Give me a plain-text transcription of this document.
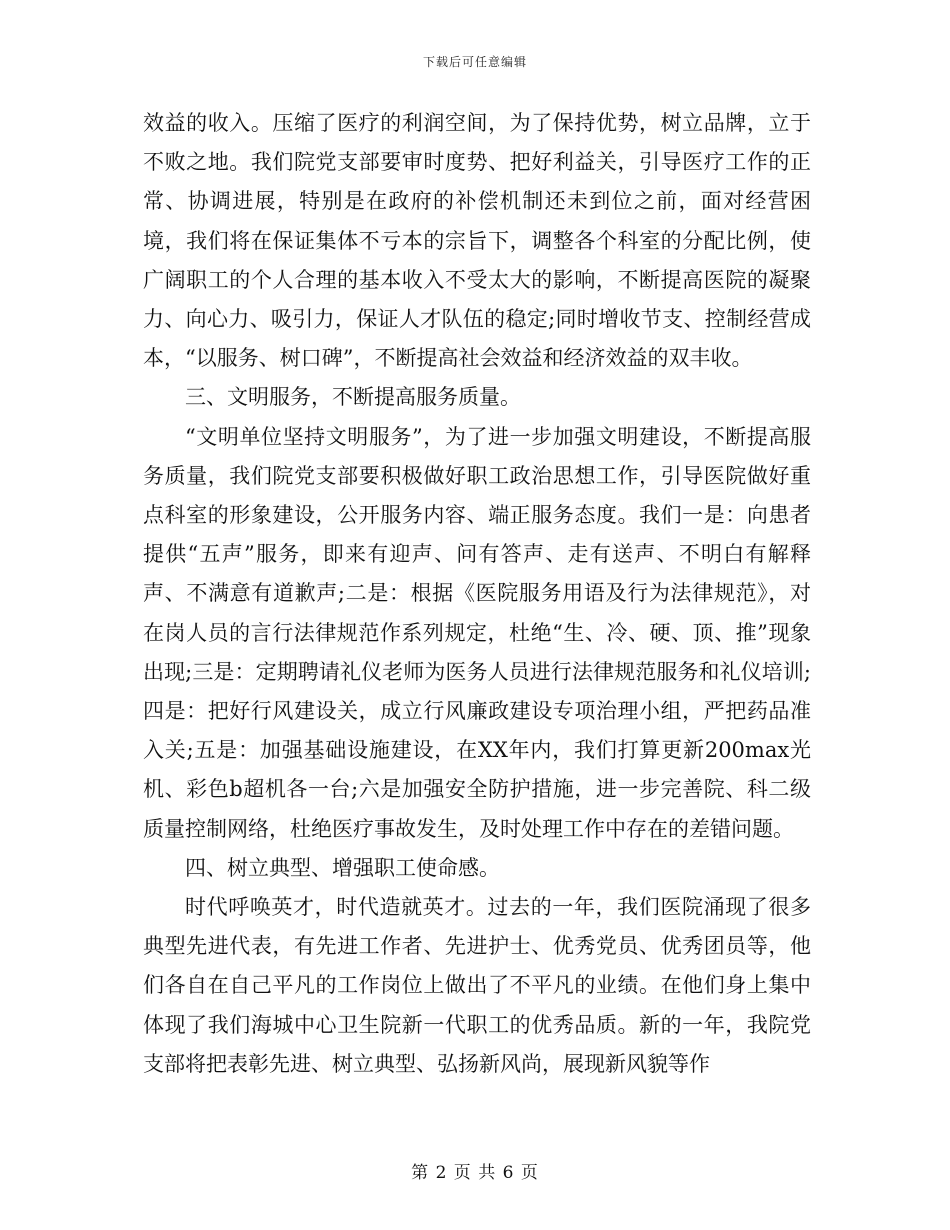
下载后可任意编辑

效益的收入。压缩了医疗的利润空间，为了保持优势，树立品牌，立于不败之地。我们院党支部要审时度势、把好利益关，引导医疗工作的正常、协调进展，特别是在政府的补偿机制还未到位之前，面对经营困境，我们将在保证集体不亏本的宗旨下，调整各个科室的分配比例，使广阔职工的个人合理的基本收入不受太大的影响，不断提高医院的凝聚力、向心力、吸引力，保证人才队伍的稳定;同时增收节支、控制经营成本，“以服务、树口碑”，不断提高社会效益和经济效益的双丰收。

三、文明服务，不断提高服务质量。

“文明单位坚持文明服务”，为了进一步加强文明建设，不断提高服务质量，我们院党支部要积极做好职工政治思想工作，引导医院做好重点科室的形象建设，公开服务内容、端正服务态度。我们一是：向患者提供“五声”服务，即来有迎声、问有答声、走有送声、不明白有解释声、不满意有道歉声;二是：根据《医院服务用语及行为法律规范》，对在岗人员的言行法律规范作系列规定，杜绝“生、冷、硬、顶、推”现象出现;三是：定期聘请礼仪老师为医务人员进行法律规范服务和礼仪培训;四是：把好行风建设关，成立行风廉政建设专项治理小组，严把药品准入关;五是：加强基础设施建设，在XX年内，我们打算更新200max光机、彩色b超机各一台;六是加强安全防护措施，进一步完善院、科二级质量控制网络，杜绝医疗事故发生，及时处理工作中存在的差错问题。

四、树立典型、增强职工使命感。

时代呼唤英才，时代造就英才。过去的一年，我们医院涌现了很多典型先进代表，有先进工作者、先进护士、优秀党员、优秀团员等，他们各自在自己平凡的工作岗位上做出了不平凡的业绩。在他们身上集中体现了我们海城中心卫生院新一代职工的优秀品质。新的一年，我院党支部将把表彰先进、树立典型、弘扬新风尚，展现新风貌等作

第 2 页 共 6 页
